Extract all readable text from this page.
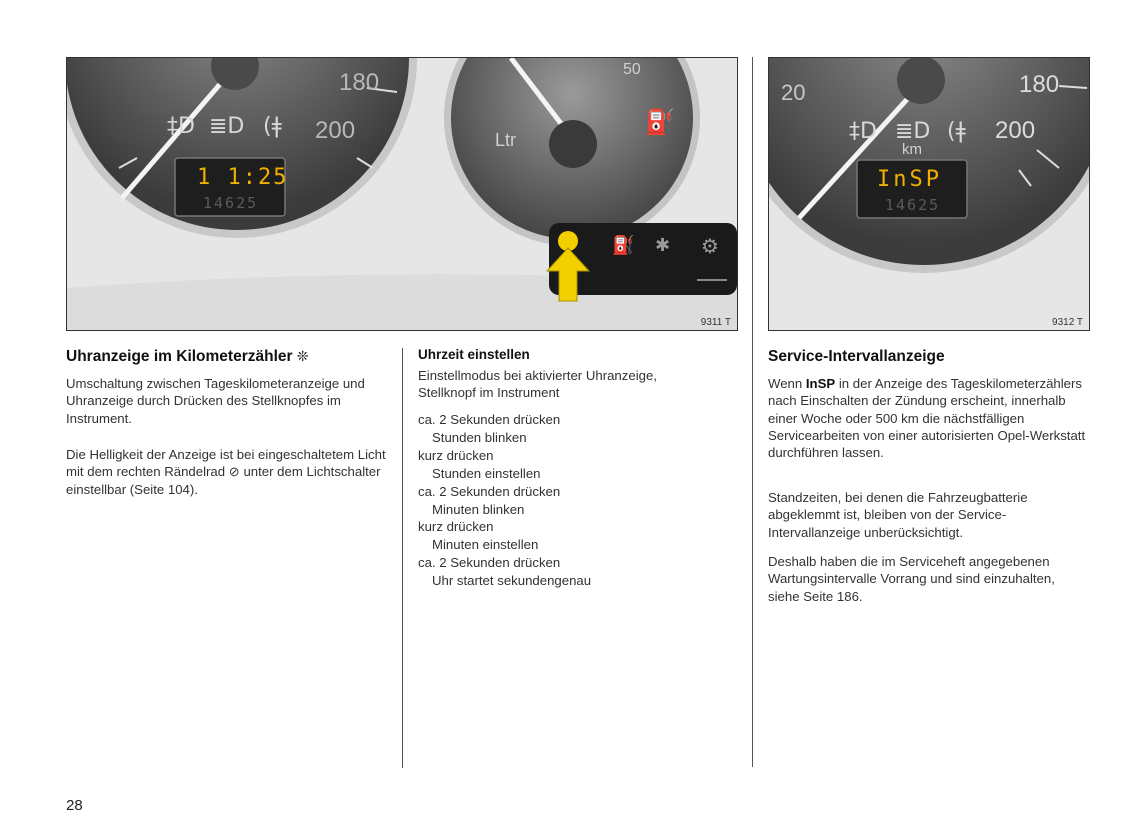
180
200
‡D ≣D (ǂ
1 1:25
14625
Ltr
50
⛽
⛽ ✱ ⚙
9311 T
20	180
200
‡D ≣D (ǂ
km
InSP
14625
9312 T
Uhranzeige im Kilometerzähler ❊

Umschaltung zwischen Tageskilometeranzeige und Uhranzeige durch Drücken des Stellknopfes im Instrument.

Die Helligkeit der Anzeige ist bei eingeschaltetem Licht mit dem rechten Rändelrad ⊘ unter dem Lichtschalter einstellbar (Seite 104).

Uhrzeit einstellen

Einstellmodus bei aktivierter Uhranzeige, Stellknopf im Instrument

ca. 2 Sekunden drücken
Stunden blinken
kurz drücken
Stunden einstellen
ca. 2 Sekunden drücken
Minuten blinken
kurz drücken
Minuten einstellen
ca. 2 Sekunden drücken
Uhr startet sekundengenau
Service-Intervallanzeige

Wenn InSP in der Anzeige des Tageskilometerzählers nach Einschalten der Zündung erscheint, innerhalb einer Woche oder 500 km die nächstfälligen Servicearbeiten von einer autorisierten Opel-Werkstatt durchführen lassen.

Standzeiten, bei denen die Fahrzeugbatterie abgeklemmt ist, bleiben von der Service-Intervallanzeige unberücksichtigt.

Deshalb haben die im Serviceheft angegebenen Wartungsintervalle Vorrang und sind einzuhalten, siehe Seite 186.

28
